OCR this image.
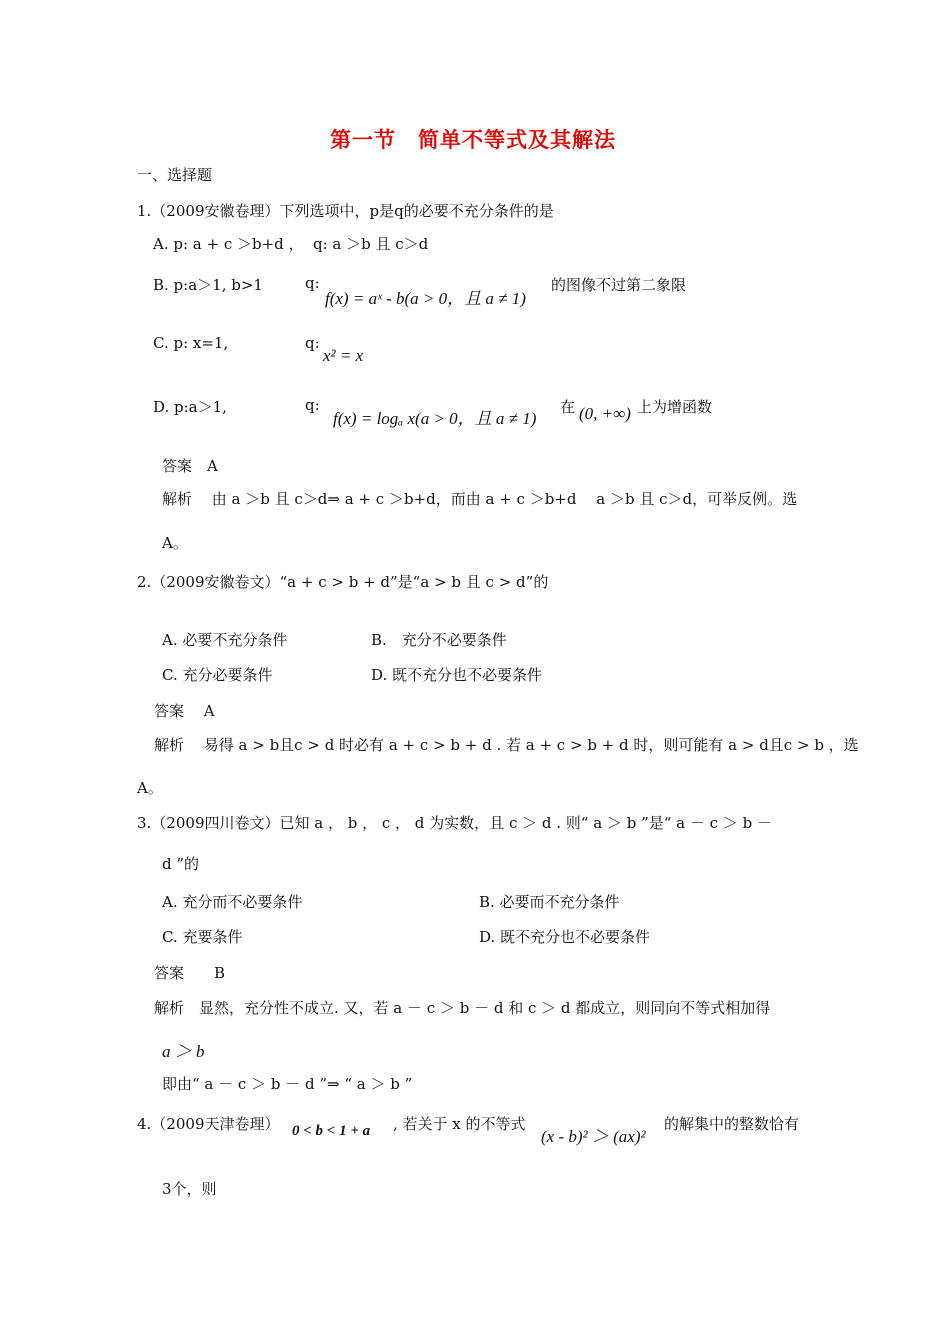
第一节　简单不等式及其解法
一、选择题
1.（2009安徽卷理）下列选项中，p是q的必要不充分条件的是
A. p: a + c ＞b+d ， q: a ＞b 且 c＞d
B. p:a＞1, b>1	q:
f(x) = aˣ - b(a > 0，且 a ≠ 1)
的图像不过第二象限
C. p: x=1,	q:
x² = x
D. p:a＞1,	q:
f(x) = logₐ x(a > 0，且 a ≠ 1)
在 (0, +∞) 上为增函数
答案　A
解析　 由 a ＞b 且 c＞d⇒ a + c ＞b+d，而由 a + c ＞b+d　 a ＞b 且 c＞d，可举反例。选
A。
2.（2009安徽卷文）“a + c > b + d”是“a > b 且 c > d”的
A. 必要不充分条件	B.　充分不必要条件
C. 充分必要条件	D. 既不充分也不必要条件
答案　 A
解析　 易得 a > b且c > d 时必有 a + c > b + d . 若 a + c > b + d 时，则可能有 a > d且c > b ，选
A。
3.（2009四川卷文）已知 a ， b ， c ， d 为实数，且 c ＞ d . 则“ a ＞ b ”是“ a － c ＞ b －
d ”的
A. 充分而不必要条件	B. 必要而不充分条件
C. 充要条件	D. 既不充分也不必要条件
答案　　B
解析　显然，充分性不成立. 又，若 a － c ＞ b － d 和 c ＞ d 都成立，则同向不等式相加得
a ＞ b
即由“ a － c ＞ b － d ”⇒ “ a ＞ b ”
4.（2009天津卷理） 0 < b < 1 + a , 若关于 x 的不等式
(x - b)² ＞ (ax)²
的解集中的整数恰有
3个，则
